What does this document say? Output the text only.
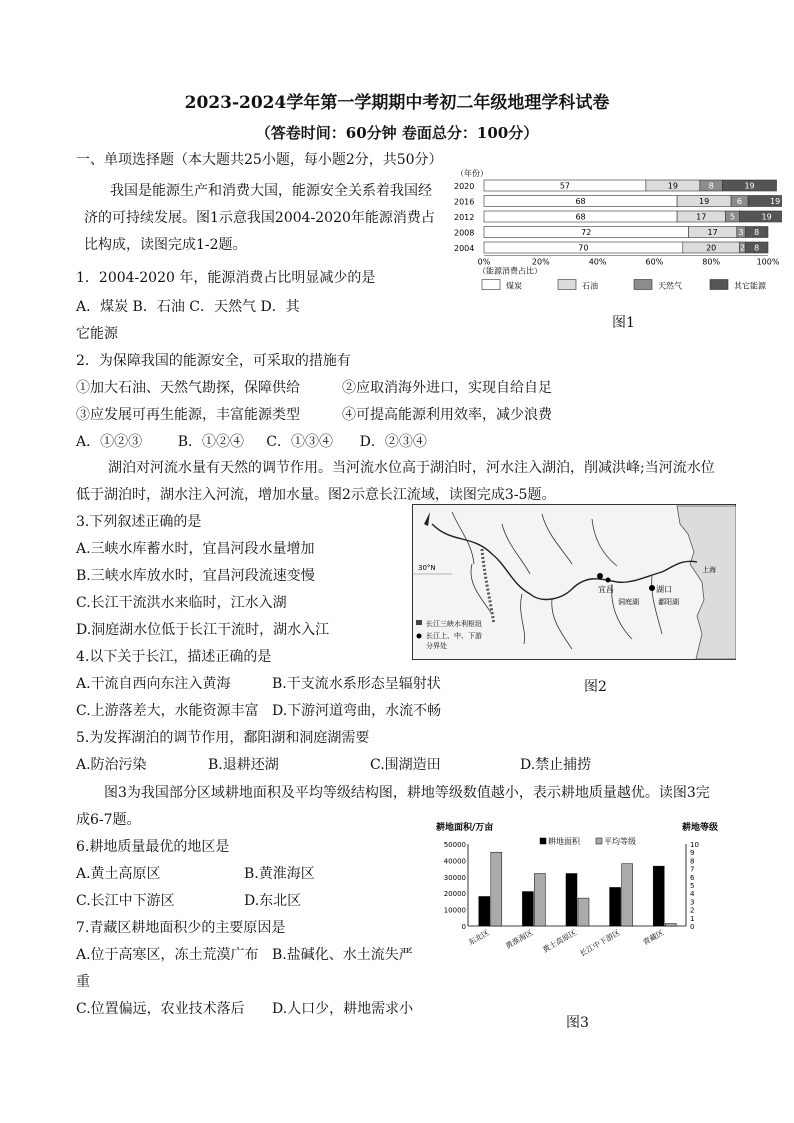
2023-2024学年第一学期期中考初二年级地理学科试卷
（答卷时间：60分钟 卷面总分：100分）
一、单项选择题（本大题共25小题，每小题2分，共50分）
我国是能源生产和消费大国，能源安全关系着我国经
济的可持续发展。图1示意我国2004-2020年能源消费占
比构成，读图完成1-2题。
1．2004-2020 年，能源消费占比明显减少的是
A．煤炭 B．石油 C．天然气 D．其
它能源
2．为保障我国的能源安全，可采取的措施有
①加大石油、天然气勘探，保障供给	②应取消海外进口，实现自给自足
③应发展可再生能源，丰富能源类型	④可提高能源利用效率，减少浪费
A．①②③        B．①②④     C．①③④      D．②③④
（年份）
2020	57	19	8	19
2016	68	19	6	19
2012	68	17	5	19
2008	72	17	3 8
2004	70	20	2 8
0%	20%	40%	60%	80%	100%
（能源消费占比）
煤炭	石油	天然气	其它能源
图1
湖泊对河流水量有天然的调节作用。当河流水位高于湖泊时，河水注入湖泊，削减洪峰;当河流水位
低于湖泊时，湖水注入河流，增加水量。图2示意长江流域，读图完成3-5题。
3.下列叙述正确的是
A.三峡水库蓄水时，宜昌河段水量增加
B.三峡水库放水时，宜昌河段流速变慢
C.长江干流洪水来临时，江水入湖
D.洞庭湖水位低于长江干流时，湖水入江
30°N
宜昌
洞庭湖
湖口
鄱阳湖
上海
长江三峡水利枢纽
长江上、中、下游
分界处
4.以下关于长江，描述正确的是
A.干流自西向东注入黄海	B.干支流水系形态呈辐射状	图2
C.上游落差大，水能资源丰富 D.下游河道弯曲，水流不畅
5.为发挥湖泊的调节作用，鄱阳湖和洞庭湖需要
A.防治污染	B.退耕还湖	C.围湖造田	D.禁止捕捞
图3为我国部分区域耕地面积及平均等级结构图，耕地等级数值越小，表示耕地质量越优。读图3完
成6-7题。
6.耕地质量最优的地区是
A.黄土高原区	B.黄淮海区
C.长江中下游区	D.东北区
7.青藏区耕地面积少的主要原因是
A.位于高寒区，冻土荒漠广布 B.盐碱化、水土流失严
重
C.位置偏远，农业技术落后 D.人口少，耕地需求小
耕地面积/万亩	耕地等级
0
10000
20000
30000
40000
50000
0
1
2
3
4
5
6
7
8
9
10
耕地面积	平均等级
东北区 黄淮海区 黄土高原区 长江中下游区	青藏区
图3
